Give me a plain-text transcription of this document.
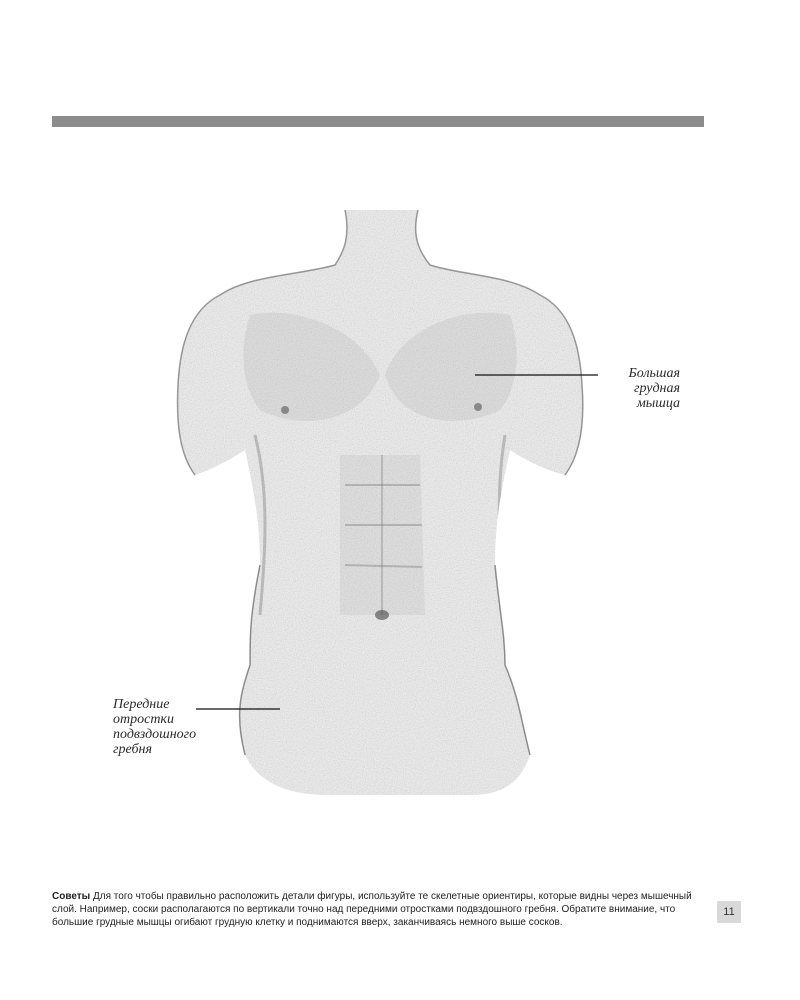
Большая
грудная
мышца
Передние
отростки
подвздошного
гребня
Советы Для того чтобы правильно расположить детали фигуры, используйте те скелетные ориентиры, которые видны через мышечный слой. Например, соски располагаются по вертикали точно над передними отростками подвздошного гребня. Обратите внимание, что большие грудные мышцы огибают грудную клетку и поднимаются вверх, заканчиваясь немного выше сосков.
11
